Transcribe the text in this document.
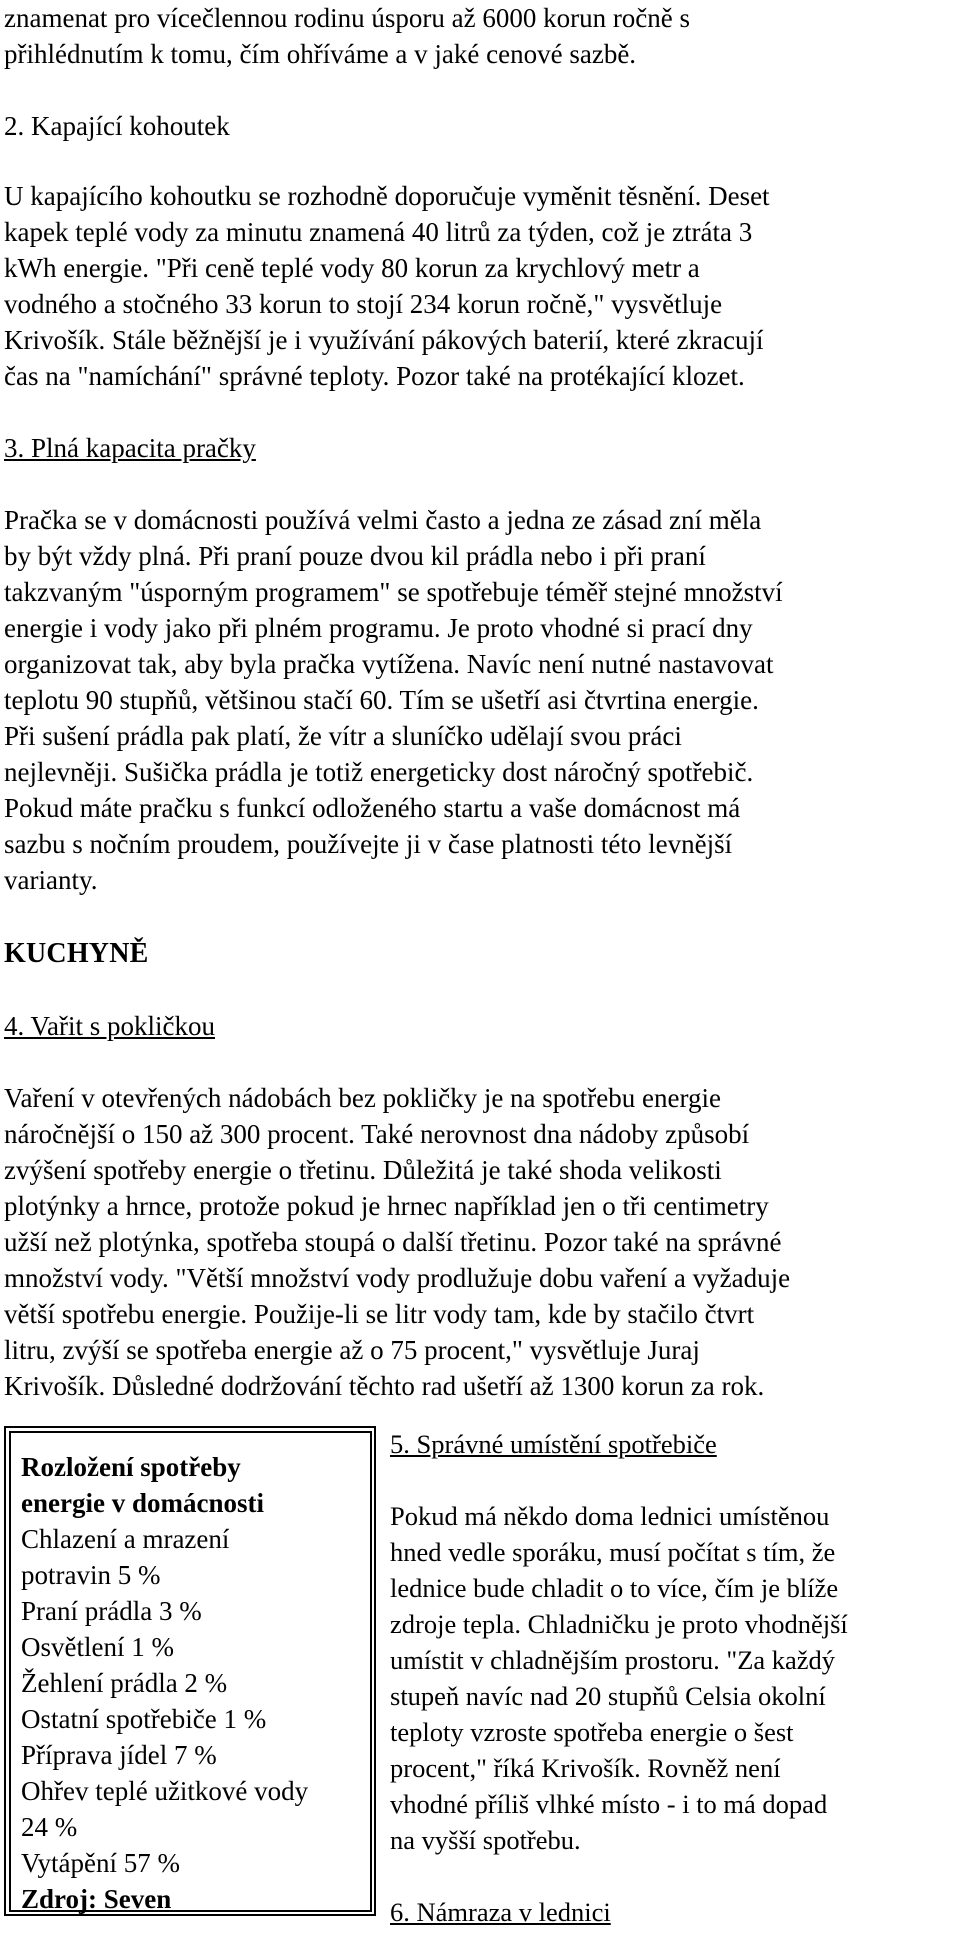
znamenat pro vícečlennou rodinu úsporu až 6000 korun ročně s

přihlédnutím k tomu, čím ohříváme a v jaké cenové sazbě.

2. Kapající kohoutek

U kapajícího kohoutku se rozhodně doporučuje vyměnit těsnění. Deset

kapek teplé vody za minutu znamená 40 litrů za týden, což je ztráta 3

kWh energie. "Při ceně teplé vody 80 korun za krychlový metr a

vodného a stočného 33 korun to stojí 234 korun ročně," vysvětluje

Krivošík. Stále běžnější je i využívání pákových baterií, které zkracují

čas na "namíchání" správné teploty. Pozor také na protékající klozet.

3. Plná kapacita pračky

Pračka se v domácnosti používá velmi často a jedna ze zásad zní měla

by být vždy plná. Při praní pouze dvou kil prádla nebo i při praní

takzvaným "úsporným programem" se spotřebuje téměř stejné množství

energie i vody jako při plném programu. Je proto vhodné si prací dny

organizovat tak, aby byla pračka vytížena. Navíc není nutné nastavovat

teplotu 90 stupňů, většinou stačí 60. Tím se ušetří asi čtvrtina energie.

Při sušení prádla pak platí, že vítr a sluníčko udělají svou práci

nejlevněji. Sušička prádla je totiž energeticky dost náročný spotřebič.

Pokud máte pračku s funkcí odloženého startu a vaše domácnost má

sazbu s nočním proudem, používejte ji v čase platnosti této levnější

varianty.

KUCHYNĚ

4. Vařit s pokličkou

Vaření v otevřených nádobách bez pokličky je na spotřebu energie

náročnější o 150 až 300 procent. Také nerovnost dna nádoby způsobí

zvýšení spotřeby energie o třetinu. Důležitá je také shoda velikosti

plotýnky a hrnce, protože pokud je hrnec například jen o tři centimetry

užší než plotýnka, spotřeba stoupá o další třetinu. Pozor také na správné

množství vody. "Větší množství vody prodlužuje dobu vaření a vyžaduje

větší spotřebu energie. Použije-li se litr vody tam, kde by stačilo čtvrt

litru, zvýší se spotřeba energie až o 75 procent," vysvětluje Juraj

Krivošík. Důsledné dodržování těchto rad ušetří až 1300 korun za rok.

Rozložení spotřeby

energie v domácnosti

Chlazení a mrazení

potravin 5 %

Praní prádla 3 %

Osvětlení 1 %

Žehlení prádla 2 %

Ostatní spotřebiče 1 %

Příprava jídel 7 %

Ohřev teplé užitkové vody

24 %

Vytápění 57 %

Zdroj: Seven

5. Správné umístění spotřebiče

Pokud má někdo doma lednici umístěnou

hned vedle sporáku, musí počítat s tím, že

lednice bude chladit o to více, čím je blíže

zdroje tepla. Chladničku je proto vhodnější

umístit v chladnějším prostoru. "Za každý

stupeň navíc nad 20 stupňů Celsia okolní

teploty vzroste spotřeba energie o šest

procent," říká Krivošík. Rovněž není

vhodné příliš vlhké místo - i to má dopad

na vyšší spotřebu.

6. Námraza v lednici
